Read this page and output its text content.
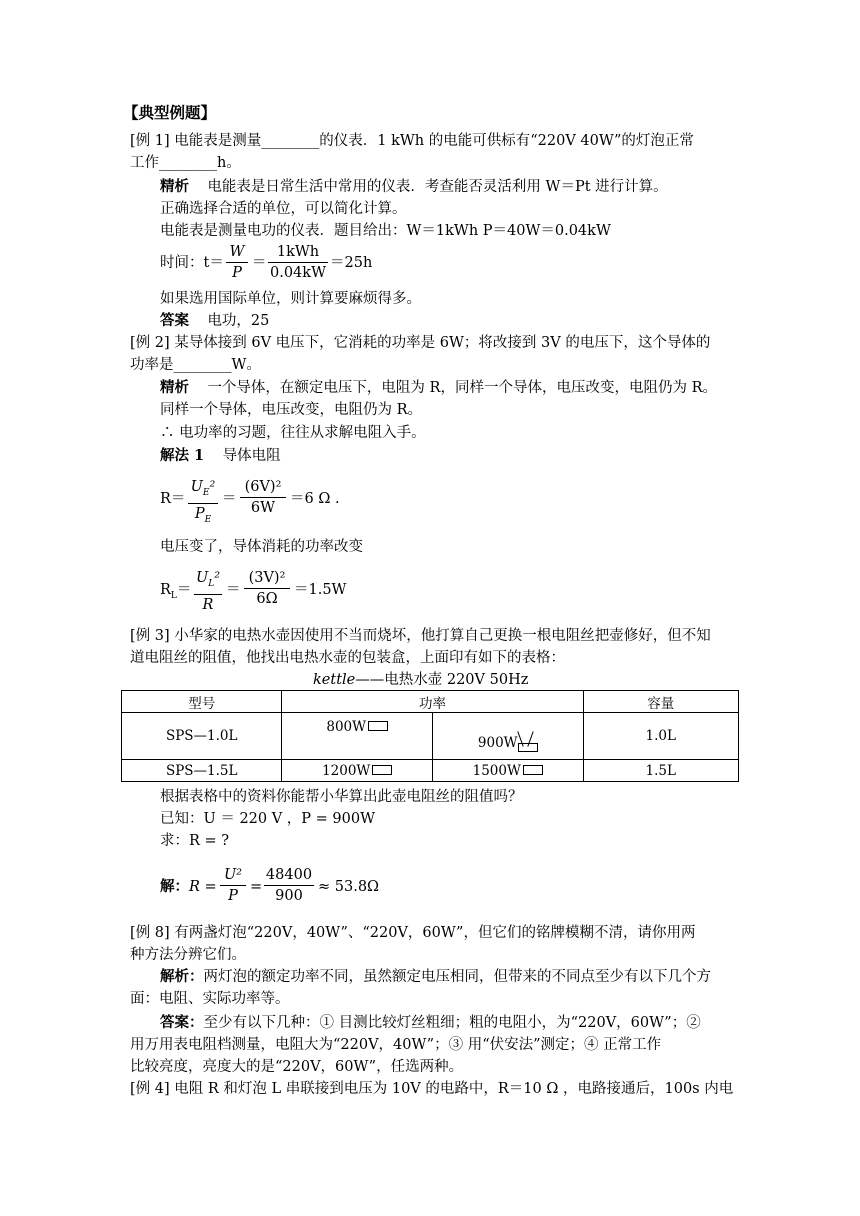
【典型例题】
[例 1] 电能表是测量________的仪表．1 kWh 的电能可供标有“220V 40W”的灯泡正常
工作________h。
精析 电能表是日常生活中常用的仪表．考查能否灵活利用 W＝Pt 进行计算。
正确选择合适的单位，可以简化计算。
电能表是测量电功的仪表．题目给出：W＝1kWh P＝40W＝0.04kW
时间：t＝
W
P
＝
1kWh
0.04kW
＝25h
如果选用国际单位，则计算要麻烦得多。
答案 电功，25
[例 2] 某导体接到 6V 电压下，它消耗的功率是 6W；将改接到 3V 的电压下，这个导体的
功率是________W。
精析 一个导体，在额定电压下，电阻为 R，同样一个导体，电压改变，电阻仍为 R。
同样一个导体，电压改变，电阻仍为 R。
∴ 电功率的习题，往往从求解电阻入手。
解法 1 导体电阻
R＝
$U_E^2$
$P_E$
＝
(6V)²
6W
＝6 Ω .
电压变了，导体消耗的功率改变
$R_L=$
$U_L^2$
R
＝
(3V)²
6Ω
＝1.5W
[例 3] 小华家的电热水壶因使用不当而烧坏，他打算自己更换一根电阻丝把壶修好，但不知
道电阻丝的阻值，他找出电热水壶的包装盒，上面印有如下的表格：
kettle——电热水壶 220V 50Hz
型号	功率		容量
SPS—1.0L	800W	900W	1.0L
SPS—1.5L	1200W	1500W	1.5L
根据表格中的资料你能帮小华算出此壶电阻丝的阻值吗？
已知：U ＝ 220 V ，P = 900W
求：R = ?
解：R =
U²
P
=
48400
900
≈ 53.8Ω
[例 8] 有两盏灯泡“220V，40W”、“220V，60W”，但它们的铭牌模糊不清，请你用两
种方法分辨它们。
解析：两灯泡的额定功率不同，虽然额定电压相同，但带来的不同点至少有以下几个方
面：电阻、实际功率等。
答案：至少有以下几种：① 目测比较灯丝粗细；粗的电阻小，为“220V，60W”；②
用万用表电阻档测量，电阻大为“220V，40W”；③ 用“伏安法”测定；④ 正常工作
比较亮度，亮度大的是“220V，60W”，任选两种。
[例 4] 电阻 R 和灯泡 L 串联接到电压为 10V 的电路中，R＝10 Ω ，电路接通后，100s 内电
